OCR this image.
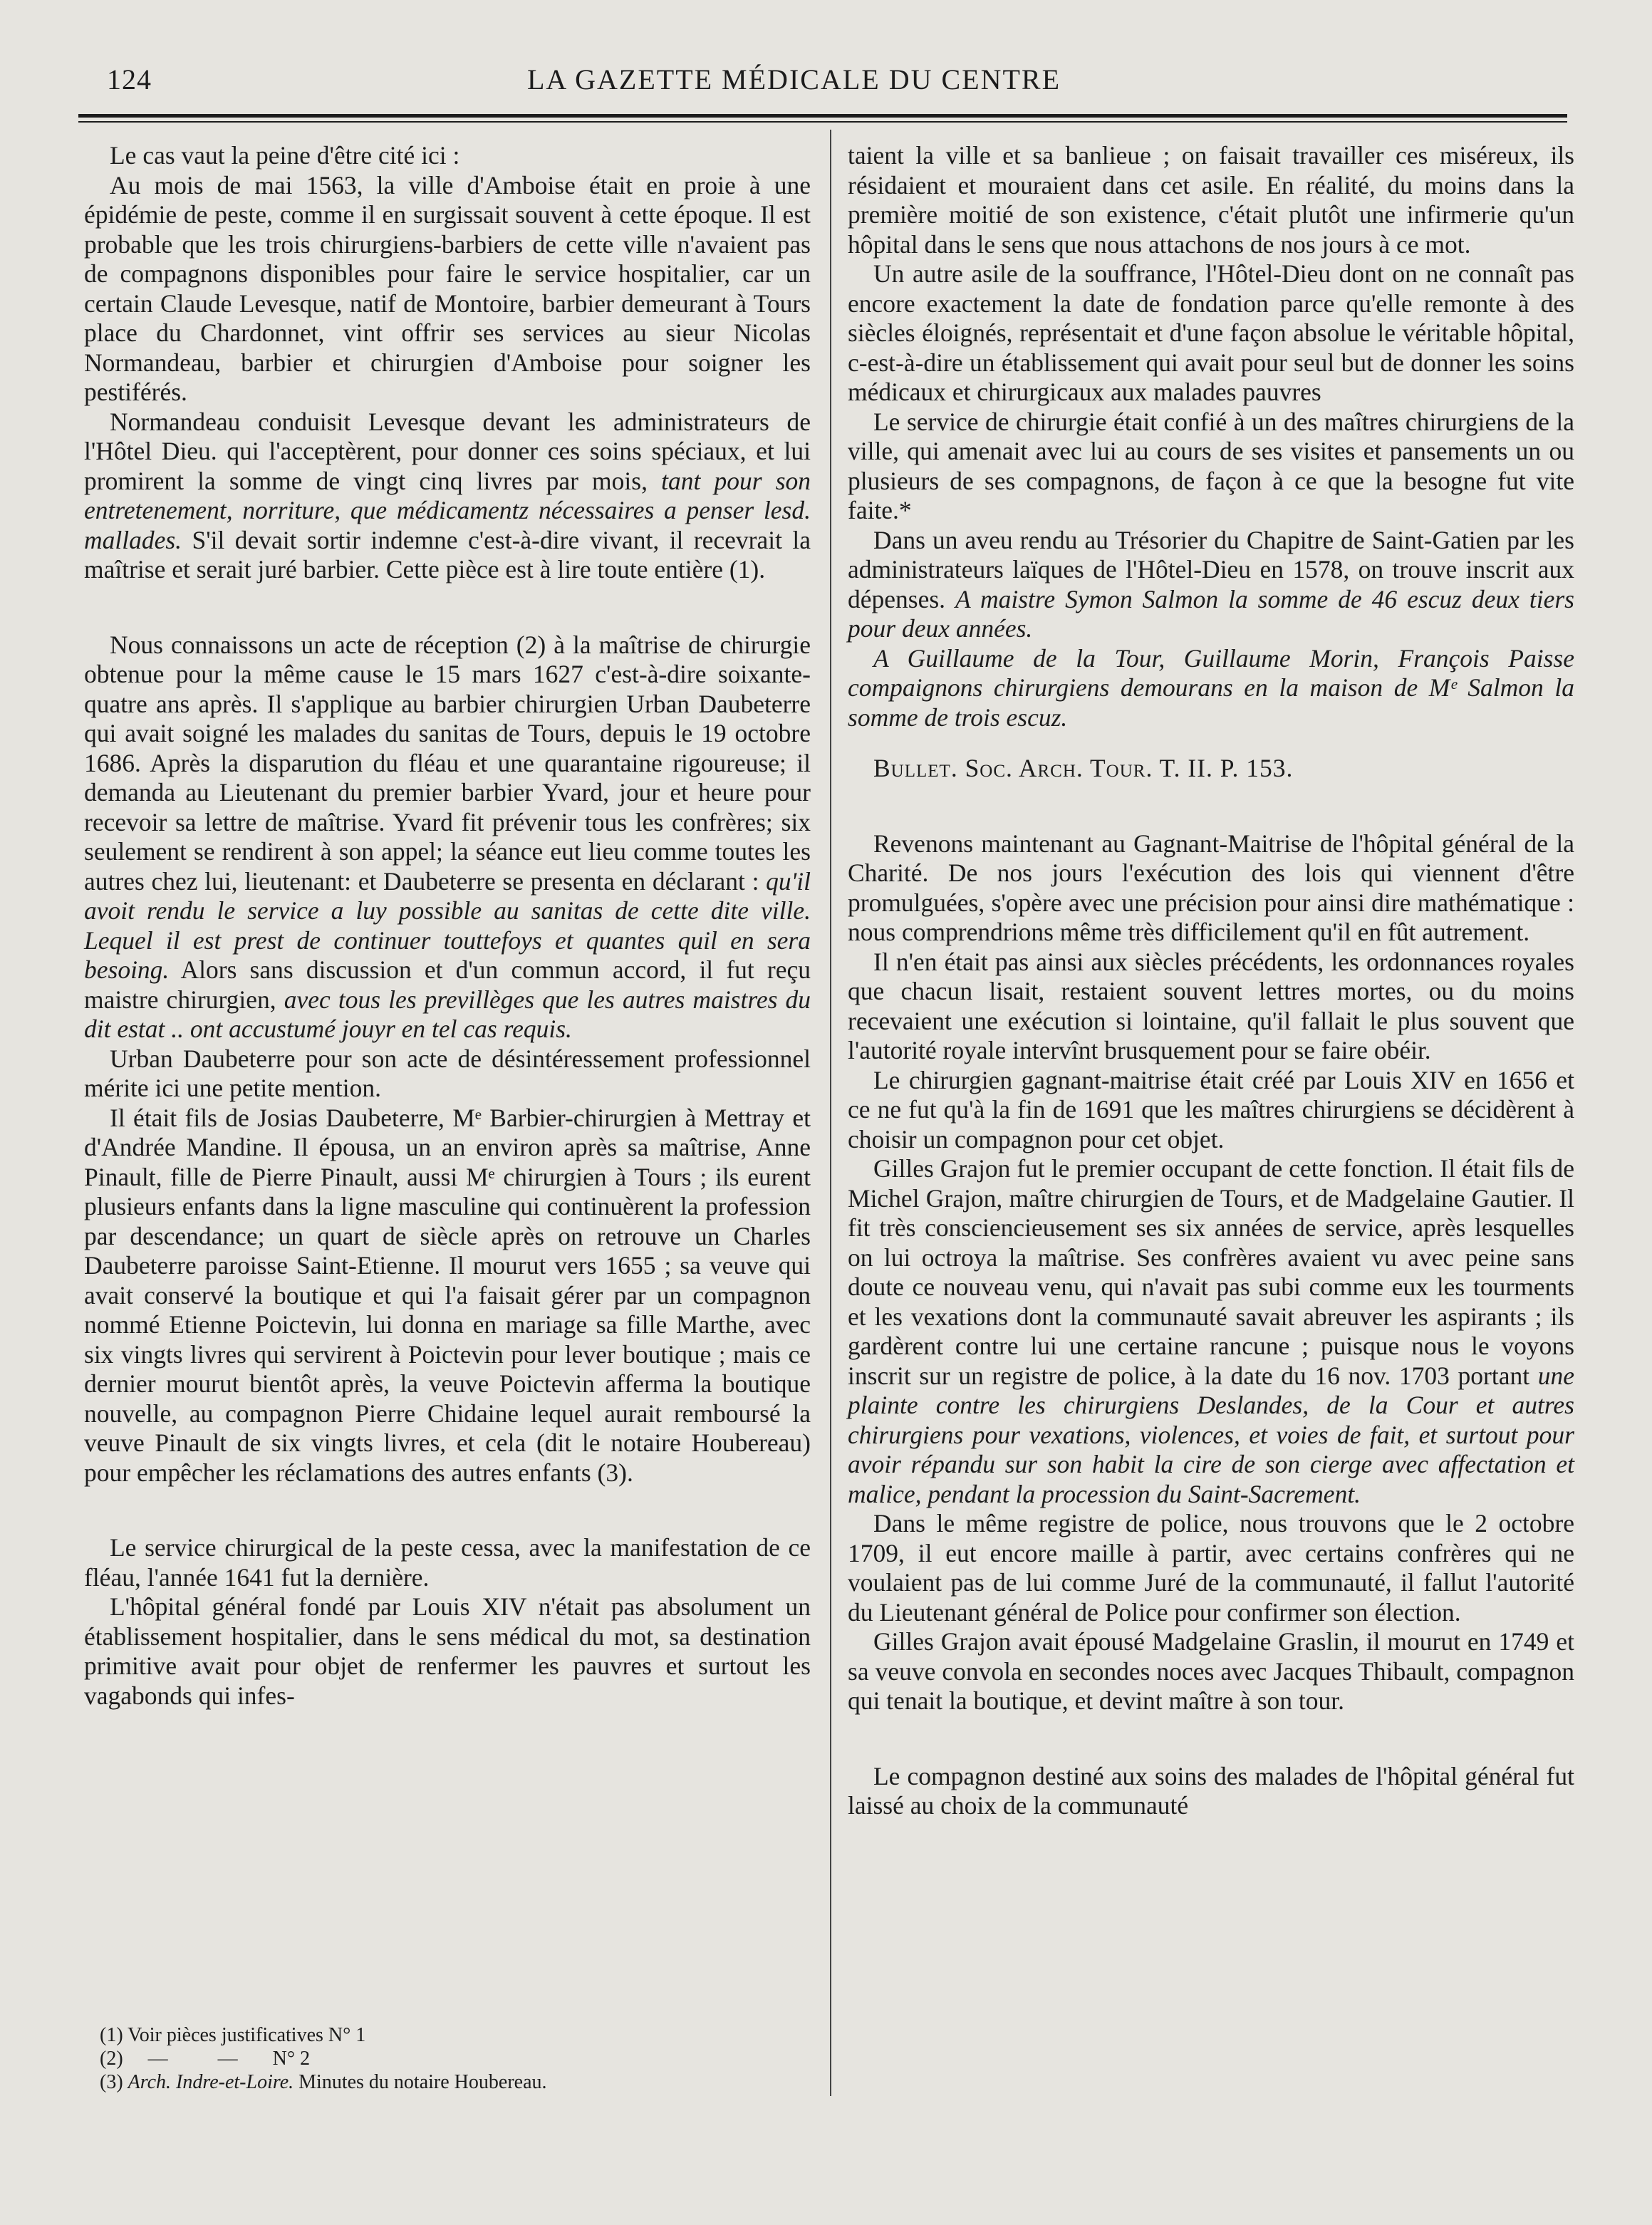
124	LA GAZETTE MÉDICALE DU CENTRE

Le cas vaut la peine d'être cité ici :

Au mois de mai 1563, la ville d'Amboise était en proie à une épidémie de peste, comme il en surgissait souvent à cette époque. Il est probable que les trois chirurgiens-barbiers de cette ville n'avaient pas de compagnons disponibles pour faire le service hospitalier, car un certain Claude Levesque, natif de Montoire, barbier demeurant à Tours place du Chardonnet, vint offrir ses services au sieur Nicolas Normandeau, barbier et chirurgien d'Amboise pour soigner les pestiférés.

Normandeau conduisit Levesque devant les administrateurs de l'Hôtel Dieu. qui l'acceptèrent, pour donner ces soins spéciaux, et lui promirent la somme de vingt cinq livres par mois, tant pour son entretenement, norriture, que médicamentz nécessaires a penser lesd. mallades. S'il devait sortir indemne c'est-à-dire vivant, il recevrait la maîtrise et serait juré barbier. Cette pièce est à lire toute entière (1).

Nous connaissons un acte de réception (2) à la maîtrise de chirurgie obtenue pour la même cause le 15 mars 1627 c'est-à-dire soixante-quatre ans après. Il s'applique au barbier chirurgien Urban Daubeterre qui avait soigné les malades du sanitas de Tours, depuis le 19 octobre 1686. Après la disparution du fléau et une quarantaine rigoureuse; il demanda au Lieutenant du premier barbier Yvard, jour et heure pour recevoir sa lettre de maîtrise. Yvard fit prévenir tous les confrères; six seulement se rendirent à son appel; la séance eut lieu comme toutes les autres chez lui, lieutenant: et Daubeterre se presenta en déclarant : qu'il avoit rendu le service a luy possible au sanitas de cette dite ville. Lequel il est prest de continuer touttefoys et quantes quil en sera besoing. Alors sans discussion et d'un commun accord, il fut reçu maistre chirurgien, avec tous les previllèges que les autres maistres du dit estat .. ont accustumé jouyr en tel cas requis.

Urban Daubeterre pour son acte de désintéressement professionnel mérite ici une petite mention.

Il était fils de Josias Daubeterre, Mᵉ Barbier-chirurgien à Mettray et d'Andrée Mandine. Il épousa, un an environ après sa maîtrise, Anne Pinault, fille de Pierre Pinault, aussi Mᵉ chirurgien à Tours ; ils eurent plusieurs enfants dans la ligne masculine qui continuèrent la profession par descendance; un quart de siècle après on retrouve un Charles Daubeterre paroisse Saint-Etienne. Il mourut vers 1655 ; sa veuve qui avait conservé la boutique et qui l'a faisait gérer par un compagnon nommé Etienne Poictevin, lui donna en mariage sa fille Marthe, avec six vingts livres qui servirent à Poictevin pour lever boutique ; mais ce dernier mourut bientôt après, la veuve Poictevin afferma la boutique nouvelle, au compagnon Pierre Chidaine lequel aurait remboursé la veuve Pinault de six vingts livres, et cela (dit le notaire Houbereau) pour empêcher les réclamations des autres enfants (3).

Le service chirurgical de la peste cessa, avec la manifestation de ce fléau, l'année 1641 fut la dernière.

L'hôpital général fondé par Louis XIV n'était pas absolument un établissement hospitalier, dans le sens médical du mot, sa destination primitive avait pour objet de renfermer les pauvres et surtout les vagabonds qui infes-

taient la ville et sa banlieue ; on faisait travailler ces miséreux, ils résidaient et mouraient dans cet asile. En réalité, du moins dans la première moitié de son existence, c'était plutôt une infirmerie qu'un hôpital dans le sens que nous attachons de nos jours à ce mot.

Un autre asile de la souffrance, l'Hôtel-Dieu dont on ne connaît pas encore exactement la date de fondation parce qu'elle remonte à des siècles éloignés, représentait et d'une façon absolue le véritable hôpital, c-est-à-dire un établissement qui avait pour seul but de donner les soins médicaux et chirurgicaux aux malades pauvres

Le service de chirurgie était confié à un des maîtres chirurgiens de la ville, qui amenait avec lui au cours de ses visites et pansements un ou plusieurs de ses compagnons, de façon à ce que la besogne fut vite faite.*

Dans un aveu rendu au Trésorier du Chapitre de Saint-Gatien par les administrateurs laïques de l'Hôtel-Dieu en 1578, on trouve inscrit aux dépenses. A maistre Symon Salmon la somme de 46 escuz deux tiers pour deux années.

A Guillaume de la Tour, Guillaume Morin, François Paisse compaignons chirurgiens demourans en la maison de Mᵉ Salmon la somme de trois escuz.

Bullet. Soc. Arch. Tour. T. II. P. 153.

Revenons maintenant au Gagnant-Maitrise de l'hôpital général de la Charité. De nos jours l'exécution des lois qui viennent d'être promulguées, s'opère avec une précision pour ainsi dire mathématique : nous comprendrions même très difficilement qu'il en fût autrement.

Il n'en était pas ainsi aux siècles précédents, les ordonnances royales que chacun lisait, restaient souvent lettres mortes, ou du moins recevaient une exécution si lointaine, qu'il fallait le plus souvent que l'autorité royale intervînt brusquement pour se faire obéir.

Le chirurgien gagnant-maitrise était créé par Louis XIV en 1656 et ce ne fut qu'à la fin de 1691 que les maîtres chirurgiens se décidèrent à choisir un compagnon pour cet objet.

Gilles Grajon fut le premier occupant de cette fonction. Il était fils de Michel Grajon, maître chirurgien de Tours, et de Madgelaine Gautier. Il fit très consciencieusement ses six années de service, après lesquelles on lui octroya la maîtrise. Ses confrères avaient vu avec peine sans doute ce nouveau venu, qui n'avait pas subi comme eux les tourments et les vexations dont la communauté savait abreuver les aspirants ; ils gardèrent contre lui une certaine rancune ; puisque nous le voyons inscrit sur un registre de police, à la date du 16 nov. 1703 portant une plainte contre les chirurgiens Deslandes, de la Cour et autres chirurgiens pour vexations, violences, et voies de fait, et surtout pour avoir répandu sur son habit la cire de son cierge avec affectation et malice, pendant la procession du Saint-Sacrement.

Dans le même registre de police, nous trouvons que le 2 octobre 1709, il eut encore maille à partir, avec certains confrères qui ne voulaient pas de lui comme Juré de la communauté, il fallut l'autorité du Lieutenant général de Police pour confirmer son élection.

Gilles Grajon avait épousé Madgelaine Graslin, il mourut en 1749 et sa veuve convola en secondes noces avec Jacques Thibault, compagnon qui tenait la boutique, et devint maître à son tour.

Le compagnon destiné aux soins des malades de l'hôpital général fut laissé au choix de la communauté

(1) Voir pièces justificatives N° 1
(2)     —          —       N° 2
(3) Arch. Indre-et-Loire. Minutes du notaire Houbereau.
